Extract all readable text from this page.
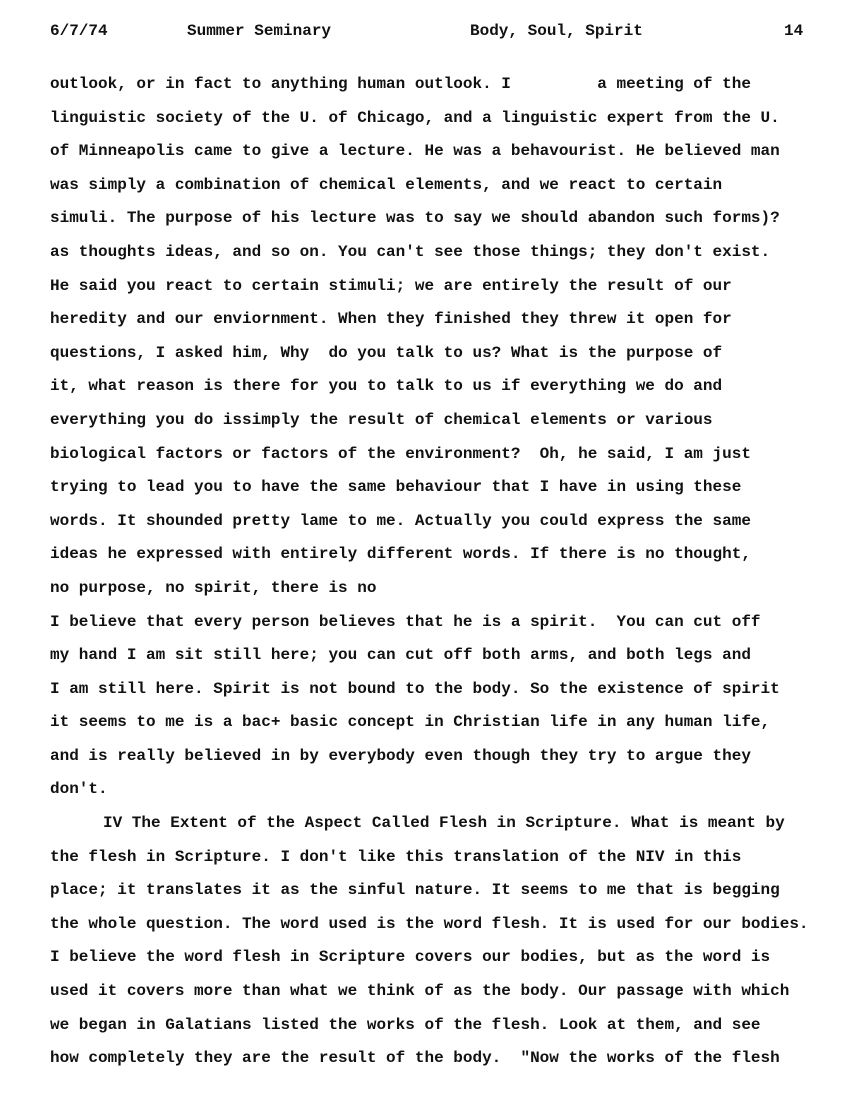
6/7/74	Summer Seminary	Body, Soul, Spirit	14
outlook, or in fact to anything human outlook. I         a meeting of the
linguistic society of the U. of Chicago, and a linguistic expert from the U.
of Minneapolis came to give a lecture. He was a behavourist. He believed man
was simply a combination of chemical elements, and we react to certain
simuli. The purpose of his lecture was to say we should abandon such forms)?
as thoughts ideas, and so on. You can't see those things; they don't exist.
He said you react to certain stimuli; we are entirely the result of our
heredity and our enviornment. When they finished they threw it open for
questions, I asked him, Why  do you talk to us? What is the purpose of
it, what reason is there for you to talk to us if everything we do and
everything you do issimply the result of chemical elements or various
biological factors or factors of the environment?  Oh, he said, I am just
trying to lead you to have the same behaviour that I have in using these
words. It shounded pretty lame to me. Actually you could express the same
ideas he expressed with entirely different words. If there is no thought,
no purpose, no spirit, there is no
I believe that every person believes that he is a spirit.  You can cut off
my hand I am sit still here; you can cut off both arms, and both legs and
I am still here. Spirit is not bound to the body. So the existence of spirit
it seems to me is a bac+ basic concept in Christian life in any human life,
and is really believed in by everybody even though they try to argue they
don't.
IV The Extent of the Aspect Called Flesh in Scripture. What is meant by
the flesh in Scripture. I don't like this translation of the NIV in this
place; it translates it as the sinful nature. It seems to me that is begging
the whole question. The word used is the word flesh. It is used for our bodies.
I believe the word flesh in Scripture covers our bodies, but as the word is
used it covers more than what we think of as the body. Our passage with which
we began in Galatians listed the works of the flesh. Look at them, and see
how completely they are the result of the body.  "Now the works of the flesh
